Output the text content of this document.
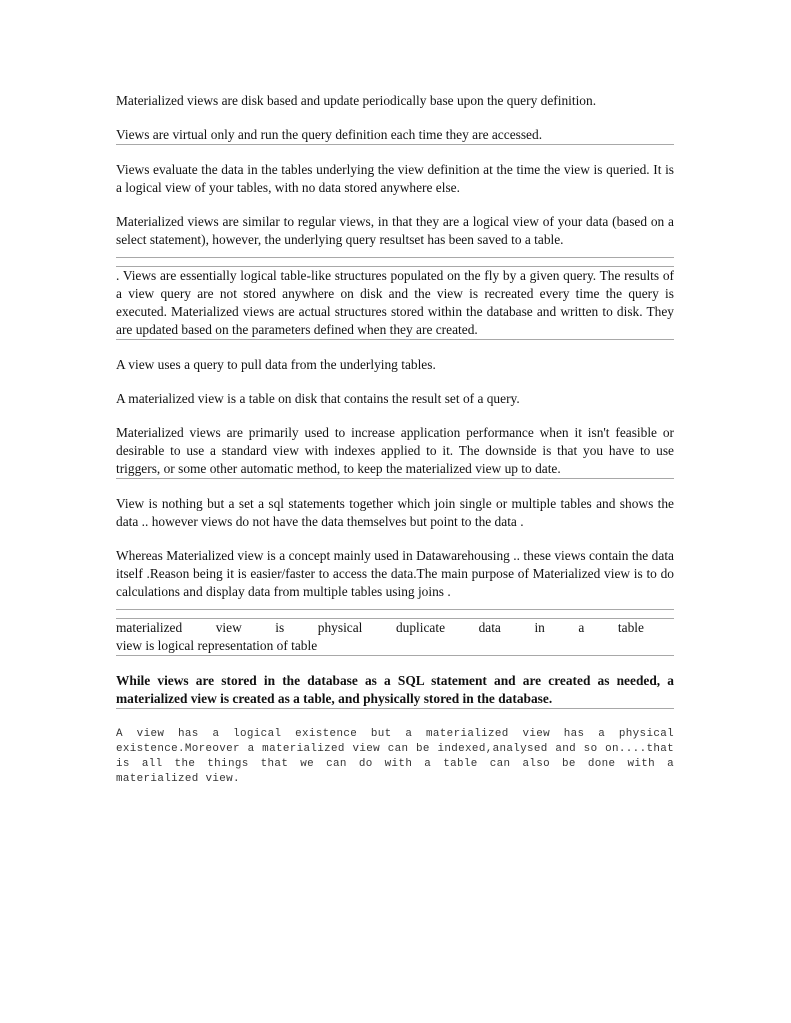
Materialized views are disk based and update periodically base upon the query definition.

Views are virtual only and run the query definition each time they are accessed.

Views evaluate the data in the tables underlying the view definition at the time the view is queried. It is a logical view of your tables, with no data stored anywhere else.

Materialized views are similar to regular views, in that they are a logical view of your data (based on a select statement), however, the underlying query resultset has been saved to a table.

. Views are essentially logical table-like structures populated on the fly by a given query. The results of a view query are not stored anywhere on disk and the view is recreated every time the query is executed. Materialized views are actual structures stored within the database and written to disk. They are updated based on the parameters defined when they are created.

A view uses a query to pull data from the underlying tables.

A materialized view is a table on disk that contains the result set of a query.

Materialized views are primarily used to increase application performance when it isn't feasible or desirable to use a standard view with indexes applied to it. The downside is that you have to use triggers, or some other automatic method, to keep the materialized view up to date.

View is nothing but a set a sql statements together which join single or multiple tables and shows the data .. however views do not have the data themselves but point to the data .

Whereas Materialized view is a concept mainly used in Datawarehousing .. these views contain the data itself .Reason being it is easier/faster to access the data.The main purpose of Materialized view is to do calculations and display data from multiple tables using joins .

materialized	view	is	physical	duplicate	data	in	a	table

view is logical representation of table

While views are stored in the database as a SQL statement and are created as needed, a materialized view is created as a table, and physically stored in the database.

A view has a logical existence but a materialized view has a physical existence.Moreover a materialized view can be indexed,analysed and so on....that is all the things that we can do with a table can also be done with a materialized view.
